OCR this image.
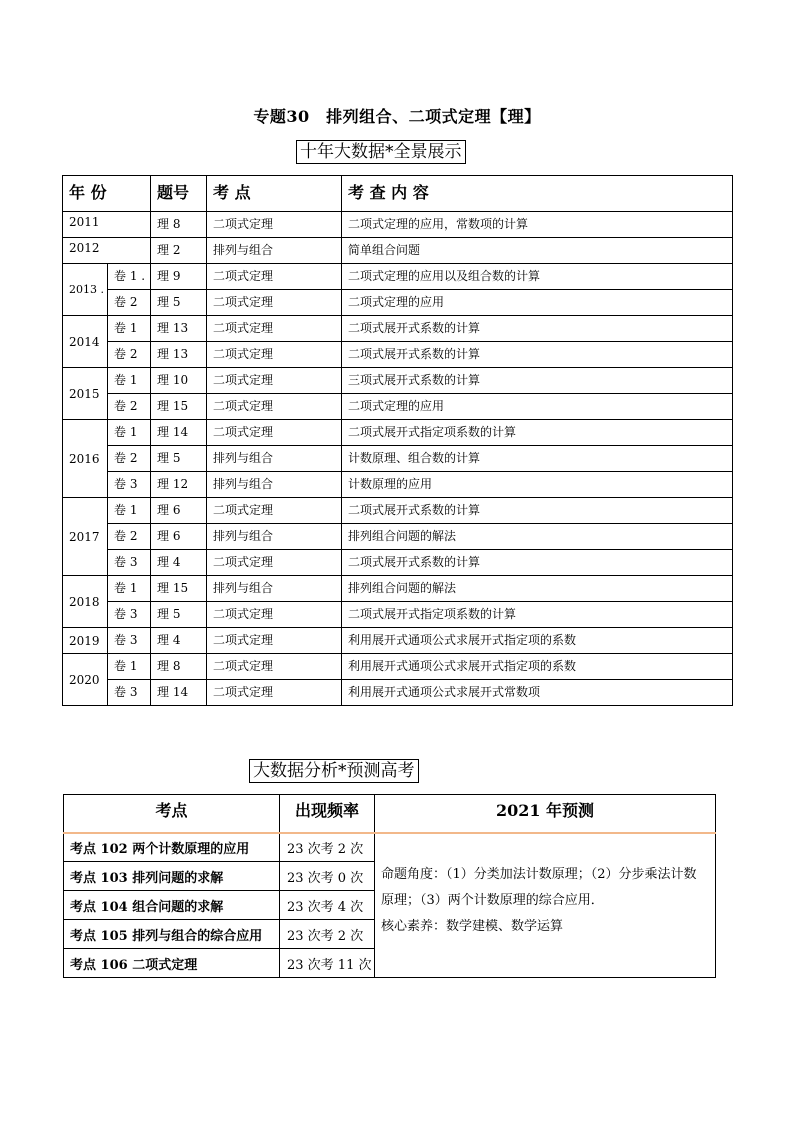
专题30　排列组合、二项式定理【理】
十年大数据*全景展示
年 份		题号	考 点	考 查 内 容
2011		理 8	二项式定理	二项式定理的应用，常数项的计算
2012		理 2	排列与组合	简单组合问题
2013 .	卷 1 .	理 9	二项式定理	二项式定理的应用以及组合数的计算
	卷 2	理 5	二项式定理	二项式定理的应用
2014	卷 1	理 13	二项式定理	二项式展开式系数的计算
	卷 2	理 13	二项式定理	二项式展开式系数的计算
2015	卷 1	理 10	二项式定理	三项式展开式系数的计算
	卷 2	理 15	二项式定理	二项式定理的应用
2016	卷 1	理 14	二项式定理	二项式展开式指定项系数的计算
	卷 2	理 5	排列与组合	计数原理、组合数的计算
	卷 3	理 12	排列与组合	计数原理的应用
2017	卷 1	理 6	二项式定理	二项式展开式系数的计算
	卷 2	理 6	排列与组合	排列组合问题的解法
	卷 3	理 4	二项式定理	二项式展开式系数的计算
2018	卷 1	理 15	排列与组合	排列组合问题的解法
	卷 3	理 5	二项式定理	二项式展开式指定项系数的计算
2019	卷 3	理 4	二项式定理	利用展开式通项公式求展开式指定项的系数
2020	卷 1	理 8	二项式定理	利用展开式通项公式求展开式指定项的系数
	卷 3	理 14	二项式定理	利用展开式通项公式求展开式常数项
大数据分析*预测高考
考点	出现频率	2021 年预测
考点 102 两个计数原理的应用	23 次考 2 次	命题角度：（1）分类加法计数原理；（2）分步乘法计数原理；（3）两个计数原理的综合应用．
核心素养：数学建模、数学运算

考点 103 排列问题的求解	23 次考 0 次	
考点 104 组合问题的求解	23 次考 4 次	
考点 105 排列与组合的综合应用	23 次考 2 次	
考点 106 二项式定理	23 次考 11 次	
